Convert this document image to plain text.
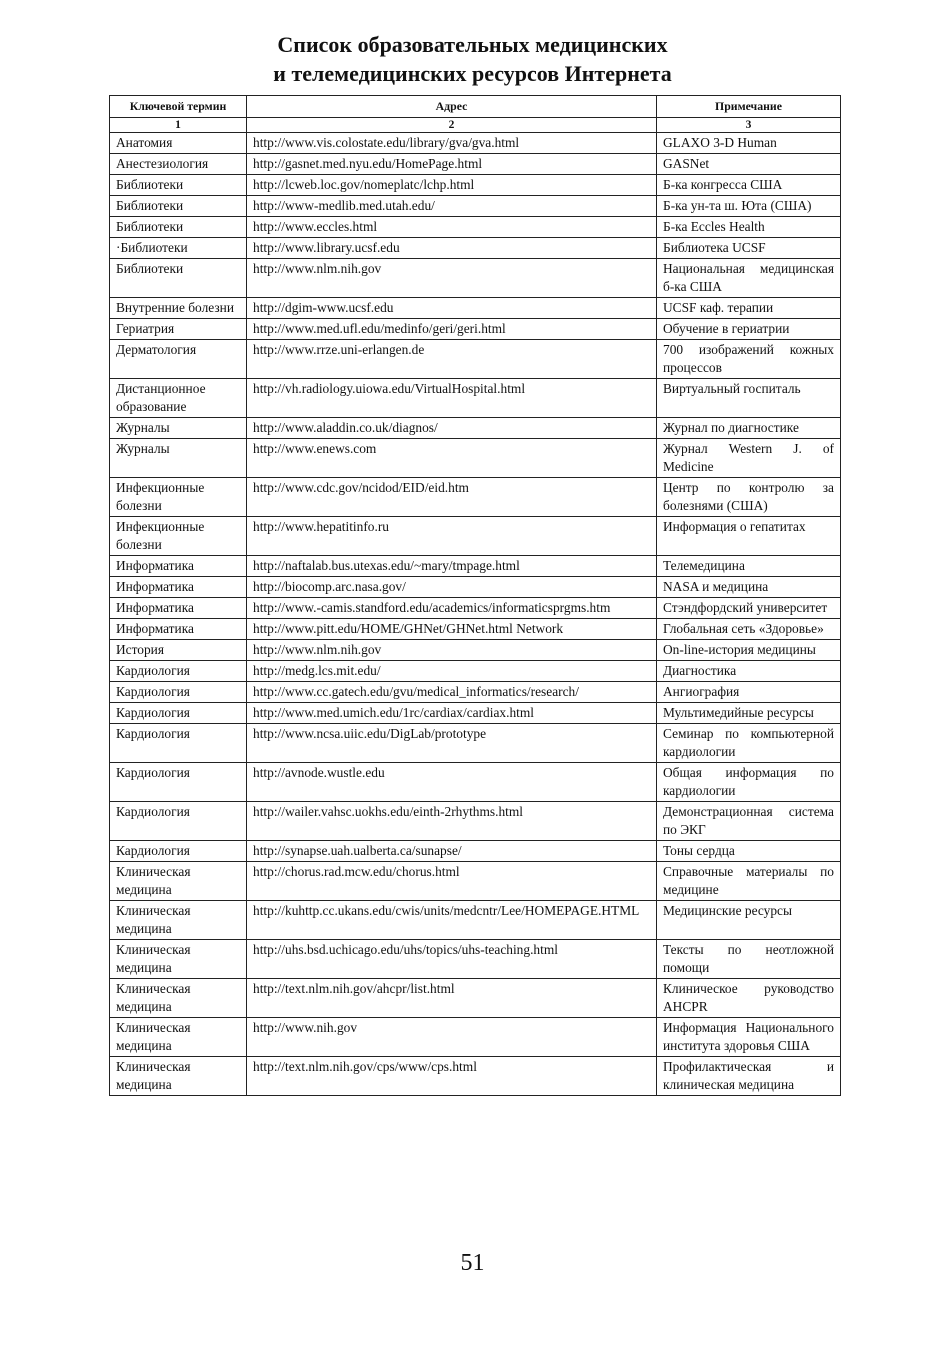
Список образовательных медицинских
и телемедицинских ресурсов Интернета
Ключевой термин	Адрес	Примечание
1	2	3
Анатомия	http://www.vis.colostate.edu/library/gva/gva.html	GLAXO 3-D Human
Анестезиология	http://gasnet.med.nyu.edu/HomePage.html	GASNet
Библиотеки	http://lcweb.loc.gov/nomeplatc/lchp.html	Б-ка конгресса США
Библиотеки	http://www-medlib.med.utah.edu/	Б-ка ун-та ш. Юта (США)
Библиотеки	http://www.eccles.html	Б-ка Eccles Health
·Библиотеки	http://www.library.ucsf.edu	Библиотека UCSF
Библиотеки	http://www.nlm.nih.gov	Национальная медицинская б-ка США
Внутренние болезни	http://dgim-www.ucsf.edu	UCSF каф. терапии
Гериатрия	http://www.med.ufl.edu/medinfo/geri/geri.html	Обучение в гериатрии
Дерматология	http://www.rrze.uni-erlangen.de	700 изображений кожных процессов
Дистанционное образование	http://vh.radiology.uiowa.edu/VirtualHospital.html	Виртуальный госпиталь
Журналы	http://www.aladdin.co.uk/diagnos/	Журнал по диагностике
Журналы	http://www.enews.com	Журнал Western J. of Medicine
Инфекционные болезни	http://www.cdc.gov/ncidod/EID/eid.htm	Центр по контролю за болезнями (США)
Инфекционные болезни	http://www.hepatitinfo.ru	Информация о гепатитах
Информатика	http://naftalab.bus.utexas.edu/~mary/tmpage.html	Телемедицина
Информатика	http://biocomp.arc.nasa.gov/	NASA и медицина
Информатика	http://www.-camis.standford.edu/academics/informaticsprgms.htm	Стэндфордский университет
Информатика	http://www.pitt.edu/HOME/GHNet/GHNet.html Network	Глобальная сеть «Здоровье»
История	http://www.nlm.nih.gov	On-line-история медицины
Кардиология	http://medg.lcs.mit.edu/	Диагностика
Кардиология	http://www.cc.gatech.edu/gvu/medical_informatics/research/	Ангиография
Кардиология	http://www.med.umich.edu/1rc/cardiax/cardiax.html	Мультимедийные ресурсы
Кардиология	http://www.ncsa.uiic.edu/DigLab/prototype	Семинар по компьютерной кардиологии
Кардиология	http://avnode.wustle.edu	Общая информация по кардиологии
Кардиология	http://wailer.vahsc.uokhs.edu/einth-2rhythms.html	Демонстрационная система по ЭКГ
Кардиология	http://synapse.uah.ualberta.ca/sunapse/	Тоны сердца
Клиническая медицина	http://chorus.rad.mcw.edu/chorus.html	Справочные материалы по медицине
Клиническая медицина	http://kuhttp.cc.ukans.edu/cwis/units/medcntr/Lee/HOMEPAGE.HTML	Медицинские ресурсы
Клиническая медицина	http://uhs.bsd.uchicago.edu/uhs/topics/uhs-teaching.html	Тексты по неотложной помощи
Клиническая медицина	http://text.nlm.nih.gov/ahcpr/list.html	Клиническое руководство AHCPR
Клиническая медицина	http://www.nih.gov	Информация Национального института здоровья США
Клиническая медицина	http://text.nlm.nih.gov/cps/www/cps.html	Профилактическая и клиническая медицина
51
